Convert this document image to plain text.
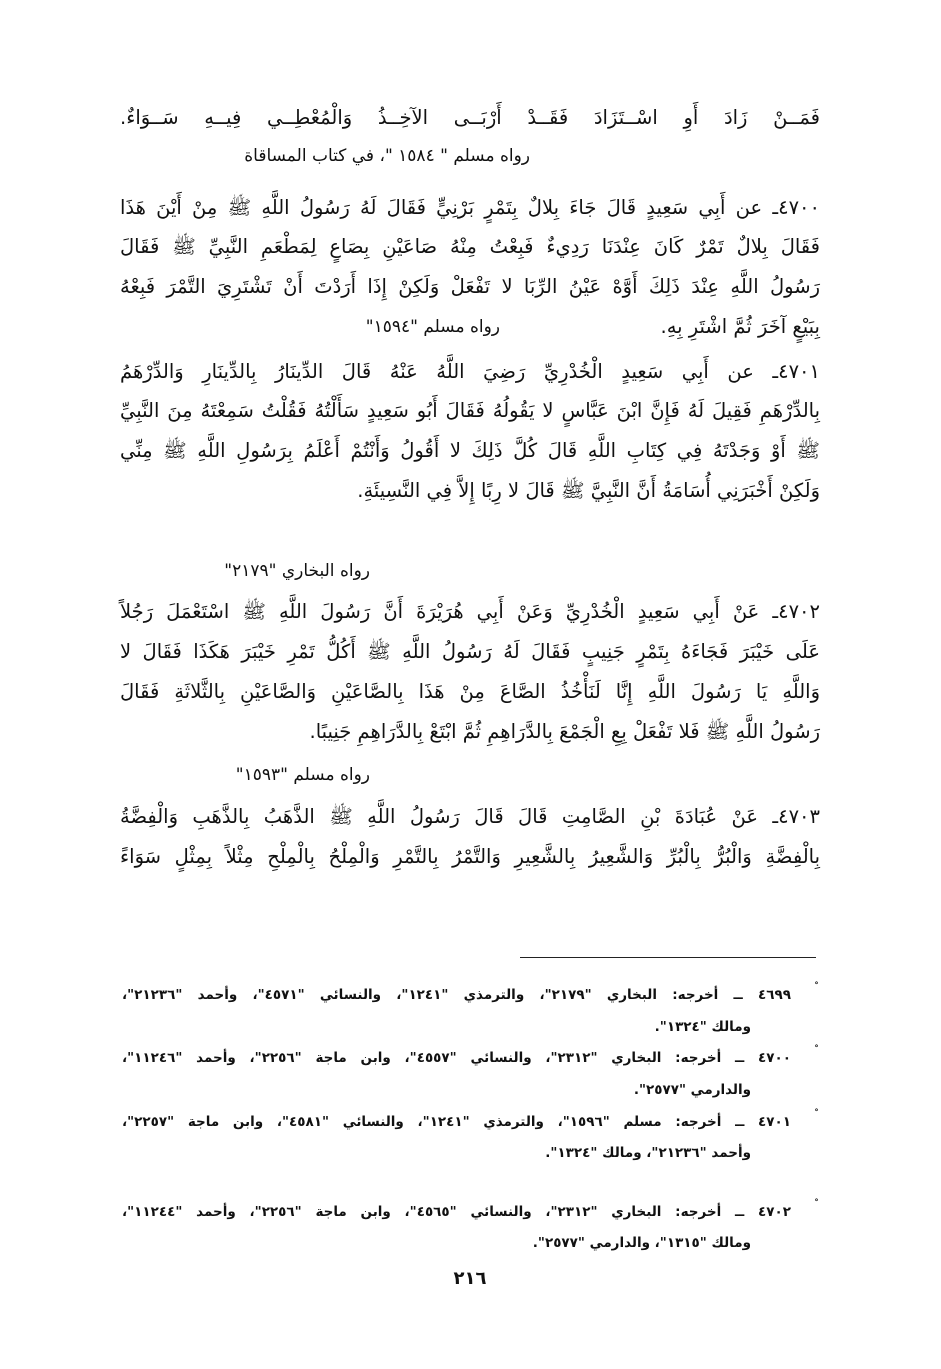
فَمَــنْ زَادَ أَوِ اسْــتَزَادَ فَقَــدْ أَرْبَــى الآخِــذُ وَالْمُعْطِــي فِيــهِ سَــوَاءٌ.
رواه مسلم " ١٥٨٤ "، في كتاب المساقاة
٤٧٠٠ـ عن أَبِي سَعِيدٍ قَالَ جَاءَ بِلالٌ بِتَمْرٍ بَرْنِيٍّ فَقَالَ لَهُ رَسُولُ اللَّهِ ﷺ مِنْ أَيْنَ هَذَا
فَقَالَ بِلالٌ تَمْرٌ كَانَ عِنْدَنَا رَدِيءٌ فَبِعْتُ مِنْهُ صَاعَيْنِ بِصَاعٍ لِمَطْعَمِ النَّبِيِّ ﷺ فَقَالَ
رَسُولُ اللَّهِ عِنْدَ ذَلِكَ أَوَّهْ عَيْنُ الرِّبَا لا تَفْعَلْ وَلَكِنْ إِذَا أَرَدْتَ أَنْ تَشْتَرِيَ التَّمْرَ فَبِعْهُ
بِبَيْعٍ آخَرَ ثُمَّ اشْتَرِ بِهِ.
رواه مسلم "١٥٩٤"
٤٧٠١ـ عن أَبِي سَعِيدٍ الْخُدْرِيِّ رَضِيَ اللَّهُ عَنْهُ قَالَ الدِّينَارُ بِالدِّينَارِ وَالدِّرْهَمُ
بِالدِّرْهَمِ فَقِيلَ لَهُ فَإِنَّ ابْنَ عَبَّاسٍ لا يَقُولُهُ فَقَالَ أَبُو سَعِيدٍ سَأَلْتُهُ فَقُلْتُ سَمِعْتَهُ مِنَ النَّبِيِّ
ﷺ أَوْ وَجَدْتَهُ فِي كِتَابِ اللَّهِ قَالَ كُلَّ ذَلِكَ لا أَقُولُ وَأَنْتُمْ أَعْلَمُ بِرَسُولِ اللَّهِ ﷺ مِنِّي
وَلَكِنْ أَخْبَرَنِي أُسَامَةُ أَنَّ النَّبِيَّ ﷺ قَالَ لا رِبًا إِلاَّ فِي النَّسِيئَةِ.
رواه البخاري "٢١٧٩"
٤٧٠٢ـ عَنْ أَبِي سَعِيدٍ الْخُدْرِيِّ وَعَنْ أَبِي هُرَيْرَةَ أَنَّ رَسُولَ اللَّهِ ﷺ اسْتَعْمَلَ رَجُلاً
عَلَى خَيْبَرَ فَجَاءَهُ بِتَمْرٍ جَنِيبٍ فَقَالَ لَهُ رَسُولُ اللَّهِ ﷺ أَكُلُّ تَمْرِ خَيْبَرَ هَكَذَا فَقَالَ لا
وَاللَّهِ يَا رَسُولَ اللَّهِ إِنَّا لَنَأْخُذُ الصَّاعَ مِنْ هَذَا بِالصَّاعَيْنِ وَالصَّاعَيْنِ بِالثَّلاثَةِ فَقَالَ
رَسُولُ اللَّهِ ﷺ فَلا تَفْعَلْ بِعِ الْجَمْعَ بِالدَّرَاهِمِ ثُمَّ ابْتَعْ بِالدَّرَاهِمِ جَنِيبًا.
رواه مسلم "١٥٩٣"
٤٧٠٣ـ عَنْ عُبَادَةَ بْنِ الصَّامِتِ قَالَ قَالَ رَسُولُ اللَّهِ ﷺ الذَّهَبُ بِالذَّهَبِ وَالْفِضَّةُ
بِالْفِضَّةِ وَالْبُرُّ بِالْبُرِّ وَالشَّعِيرُ بِالشَّعِيرِ وَالتَّمْرُ بِالتَّمْرِ وَالْمِلْحُ بِالْمِلْحِ مِثْلاً بِمِثْلٍ سَوَاءً
˚
٤٦٩٩ ــ أخرجه: البخاري "٢١٧٩"، والترمذي "١٢٤١"، والنسائي "٤٥٧١"، وأحمد "٢١٢٣٦"،
ومالك "١٣٢٤".
˚
٤٧٠٠ ــ أخرجه: البخاري "٢٣١٢"، والنسائي "٤٥٥٧"، وابن ماجة "٢٢٥٦"، وأحمد "١١٢٤٦"،
والدارمي "٢٥٧٧".
˚
٤٧٠١ ــ أخرجه: مسلم "١٥٩٦"، والترمذي "١٢٤١"، والنسائي "٤٥٨١"، وابن ماجة "٢٢٥٧"،
وأحمد "٢١٢٣٦"، ومالك "١٣٢٤".
˚
٤٧٠٢ ــ أخرجه: البخاري "٢٣١٢"، والنسائي "٤٥٦٥"، وابن ماجة "٢٢٥٦"، وأحمد "١١٢٤٤"،
ومالك "١٣١٥"، والدارمي "٢٥٧٧".
٢١٦
